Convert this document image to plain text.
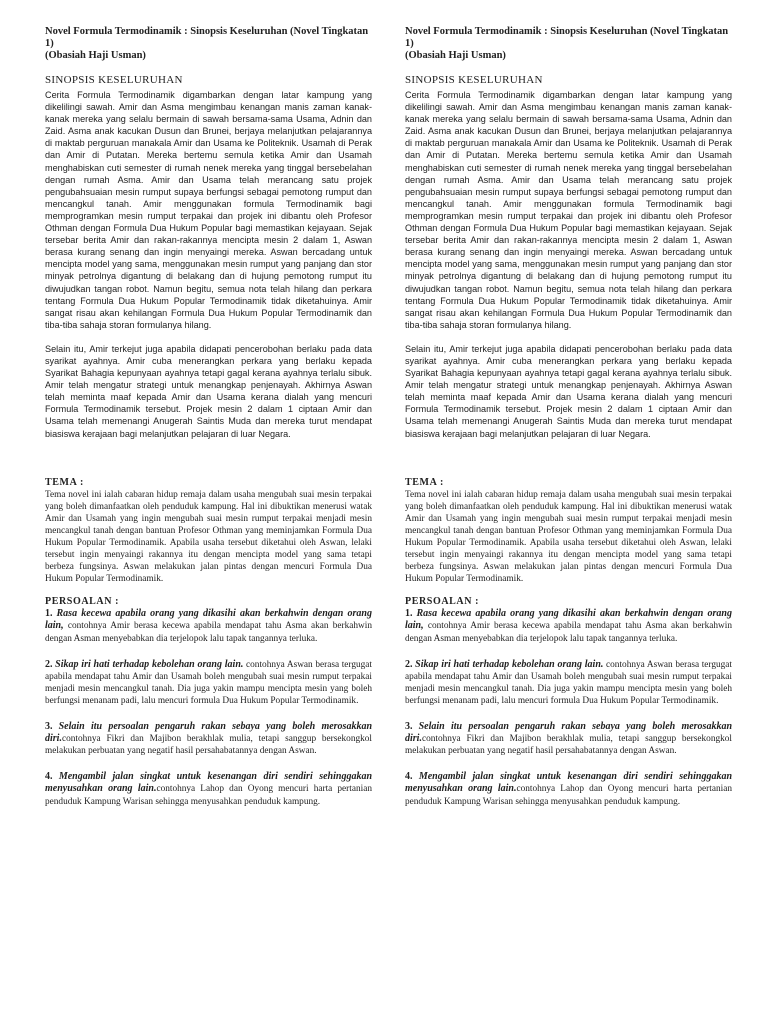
Novel Formula Termodinamik : Sinopsis Keseluruhan (Novel Tingkatan 1)

(Obasiah Haji Usman)

SINOPSIS KESELURUHAN

Cerita Formula Termodinamik digambarkan dengan latar kampung yang dikelilingi sawah. Amir dan Asma mengimbau kenangan manis zaman kanak-kanak mereka yang selalu bermain di sawah bersama-sama Usama, Adnin dan Zaid. Asma anak kacukan Dusun dan Brunei, berjaya melanjutkan pelajarannya di maktab perguruan manakala Amir dan Usama ke Politeknik. Usamah di Perak dan Amir di Putatan. Mereka bertemu semula ketika Amir dan Usamah menghabiskan cuti semester di rumah nenek mereka yang tinggal bersebelahan dengan rumah Asma. Amir dan Usama telah merancang satu projek pengubahsuaian mesin rumput supaya berfungsi sebagai pemotong rumput dan mencangkul tanah. Amir menggunakan formula Termodinamik bagi memprogramkan mesin rumput terpakai dan projek ini dibantu oleh Profesor Othman dengan Formula Dua Hukum Popular bagi memastikan kejayaan. Sejak tersebar berita Amir dan rakan-rakannya mencipta mesin 2 dalam 1, Aswan berasa kurang senang dan ingin menyaingi mereka. Aswan bercadang untuk mencipta model yang sama, menggunakan mesin rumput yang panjang dan stor minyak petrolnya digantung di belakang dan di hujung pemotong rumput itu diwujudkan tangan robot. Namun begitu, semua nota telah hilang dan perkara tentang Formula Dua Hukum Popular Termodinamik tidak diketahuinya. Amir sangat risau akan kehilangan Formula Dua Hukum Popular Termodinamik dan tiba-tiba sahaja storan formulanya hilang.

Selain itu, Amir terkejut juga apabila didapati pencerobohan berlaku pada data syarikat ayahnya. Amir cuba menerangkan perkara yang berlaku kepada Syarikat Bahagia kepunyaan ayahnya tetapi gagal kerana ayahnya terlalu sibuk. Amir telah mengatur strategi untuk menangkap penjenayah. Akhirnya Aswan telah meminta maaf kepada Amir dan Usama kerana dialah yang mencuri Formula Termodinamik tersebut. Projek mesin 2 dalam 1 ciptaan Amir dan Usama telah memenangi Anugerah Saintis Muda dan mereka turut mendapat biasiswa kerajaan bagi melanjutkan pelajaran di luar Negara.

TEMA :

Tema novel ini ialah cabaran hidup remaja dalam usaha mengubah suai mesin terpakai yang boleh dimanfaatkan oleh penduduk kampung. Hal ini dibuktikan menerusi watak Amir dan Usamah yang ingin mengubah suai mesin rumput terpakai menjadi mesin mencangkul tanah dengan bantuan Profesor Othman yang meminjamkan Formula Dua Hukum Popular Termodinamik. Apabila usaha tersebut diketahui oleh Aswan, lelaki tersebut ingin menyaingi rakannya itu dengan mencipta model yang sama tetapi berbeza fungsinya. Aswan melakukan jalan pintas dengan mencuri Formula Dua Hukum Popular Termodinamik.

PERSOALAN :

1. Rasa kecewa apabila orang yang dikasihi akan berkahwin dengan orang lain, contohnya Amir berasa kecewa apabila mendapat tahu Asma akan berkahwin dengan Asman menyebabkan dia terjelopok lalu tapak tangannya terluka.

2. Sikap iri hati terhadap kebolehan orang lain. contohnya Aswan berasa tergugat apabila mendapat tahu Amir dan Usamah boleh mengubah suai mesin rumput terpakai menjadi mesin mencangkul tanah. Dia juga yakin mampu mencipta mesin yang boleh berfungsi menanam padi, lalu mencuri formula Dua Hukum Popular Termodinamik.

3. Selain itu persoalan pengaruh rakan sebaya yang boleh merosakkan diri.contohnya Fikri dan Majibon berakhlak mulia, tetapi sanggup bersekongkol melakukan perbuatan yang negatif hasil persahabatannya dengan Aswan.

4. Mengambil jalan singkat untuk kesenangan diri sendiri sehinggakan menyusahkan orang lain.contohnya Lahop dan Oyong mencuri harta pertanian penduduk Kampung Warisan sehingga menyusahkan penduduk kampung.

Novel Formula Termodinamik : Sinopsis Keseluruhan (Novel Tingkatan 1)

(Obasiah Haji Usman)

SINOPSIS KESELURUHAN

Cerita Formula Termodinamik digambarkan dengan latar kampung yang dikelilingi sawah. Amir dan Asma mengimbau kenangan manis zaman kanak-kanak mereka yang selalu bermain di sawah bersama-sama Usama, Adnin dan Zaid. Asma anak kacukan Dusun dan Brunei, berjaya melanjutkan pelajarannya di maktab perguruan manakala Amir dan Usama ke Politeknik. Usamah di Perak dan Amir di Putatan. Mereka bertemu semula ketika Amir dan Usamah menghabiskan cuti semester di rumah nenek mereka yang tinggal bersebelahan dengan rumah Asma. Amir dan Usama telah merancang satu projek pengubahsuaian mesin rumput supaya berfungsi sebagai pemotong rumput dan mencangkul tanah. Amir menggunakan formula Termodinamik bagi memprogramkan mesin rumput terpakai dan projek ini dibantu oleh Profesor Othman dengan Formula Dua Hukum Popular bagi memastikan kejayaan. Sejak tersebar berita Amir dan rakan-rakannya mencipta mesin 2 dalam 1, Aswan berasa kurang senang dan ingin menyaingi mereka. Aswan bercadang untuk mencipta model yang sama, menggunakan mesin rumput yang panjang dan stor minyak petrolnya digantung di belakang dan di hujung pemotong rumput itu diwujudkan tangan robot. Namun begitu, semua nota telah hilang dan perkara tentang Formula Dua Hukum Popular Termodinamik tidak diketahuinya. Amir sangat risau akan kehilangan Formula Dua Hukum Popular Termodinamik dan tiba-tiba sahaja storan formulanya hilang.

Selain itu, Amir terkejut juga apabila didapati pencerobohan berlaku pada data syarikat ayahnya. Amir cuba menerangkan perkara yang berlaku kepada Syarikat Bahagia kepunyaan ayahnya tetapi gagal kerana ayahnya terlalu sibuk. Amir telah mengatur strategi untuk menangkap penjenayah. Akhirnya Aswan telah meminta maaf kepada Amir dan Usama kerana dialah yang mencuri Formula Termodinamik tersebut. Projek mesin 2 dalam 1 ciptaan Amir dan Usama telah memenangi Anugerah Saintis Muda dan mereka turut mendapat biasiswa kerajaan bagi melanjutkan pelajaran di luar Negara.

TEMA :

Tema novel ini ialah cabaran hidup remaja dalam usaha mengubah suai mesin terpakai yang boleh dimanfaatkan oleh penduduk kampung. Hal ini dibuktikan menerusi watak Amir dan Usamah yang ingin mengubah suai mesin rumput terpakai menjadi mesin mencangkul tanah dengan bantuan Profesor Othman yang meminjamkan Formula Dua Hukum Popular Termodinamik. Apabila usaha tersebut diketahui oleh Aswan, lelaki tersebut ingin menyaingi rakannya itu dengan mencipta model yang sama tetapi berbeza fungsinya. Aswan melakukan jalan pintas dengan mencuri Formula Dua Hukum Popular Termodinamik.

PERSOALAN :

1. Rasa kecewa apabila orang yang dikasihi akan berkahwin dengan orang lain, contohnya Amir berasa kecewa apabila mendapat tahu Asma akan berkahwin dengan Asman menyebabkan dia terjelopok lalu tapak tangannya terluka.

2. Sikap iri hati terhadap kebolehan orang lain. contohnya Aswan berasa tergugat apabila mendapat tahu Amir dan Usamah boleh mengubah suai mesin rumput terpakai menjadi mesin mencangkul tanah. Dia juga yakin mampu mencipta mesin yang boleh berfungsi menanam padi, lalu mencuri formula Dua Hukum Popular Termodinamik.

3. Selain itu persoalan pengaruh rakan sebaya yang boleh merosakkan diri.contohnya Fikri dan Majibon berakhlak mulia, tetapi sanggup bersekongkol melakukan perbuatan yang negatif hasil persahabatannya dengan Aswan.

4. Mengambil jalan singkat untuk kesenangan diri sendiri sehinggakan menyusahkan orang lain.contohnya Lahop dan Oyong mencuri harta pertanian penduduk Kampung Warisan sehingga menyusahkan penduduk kampung.
